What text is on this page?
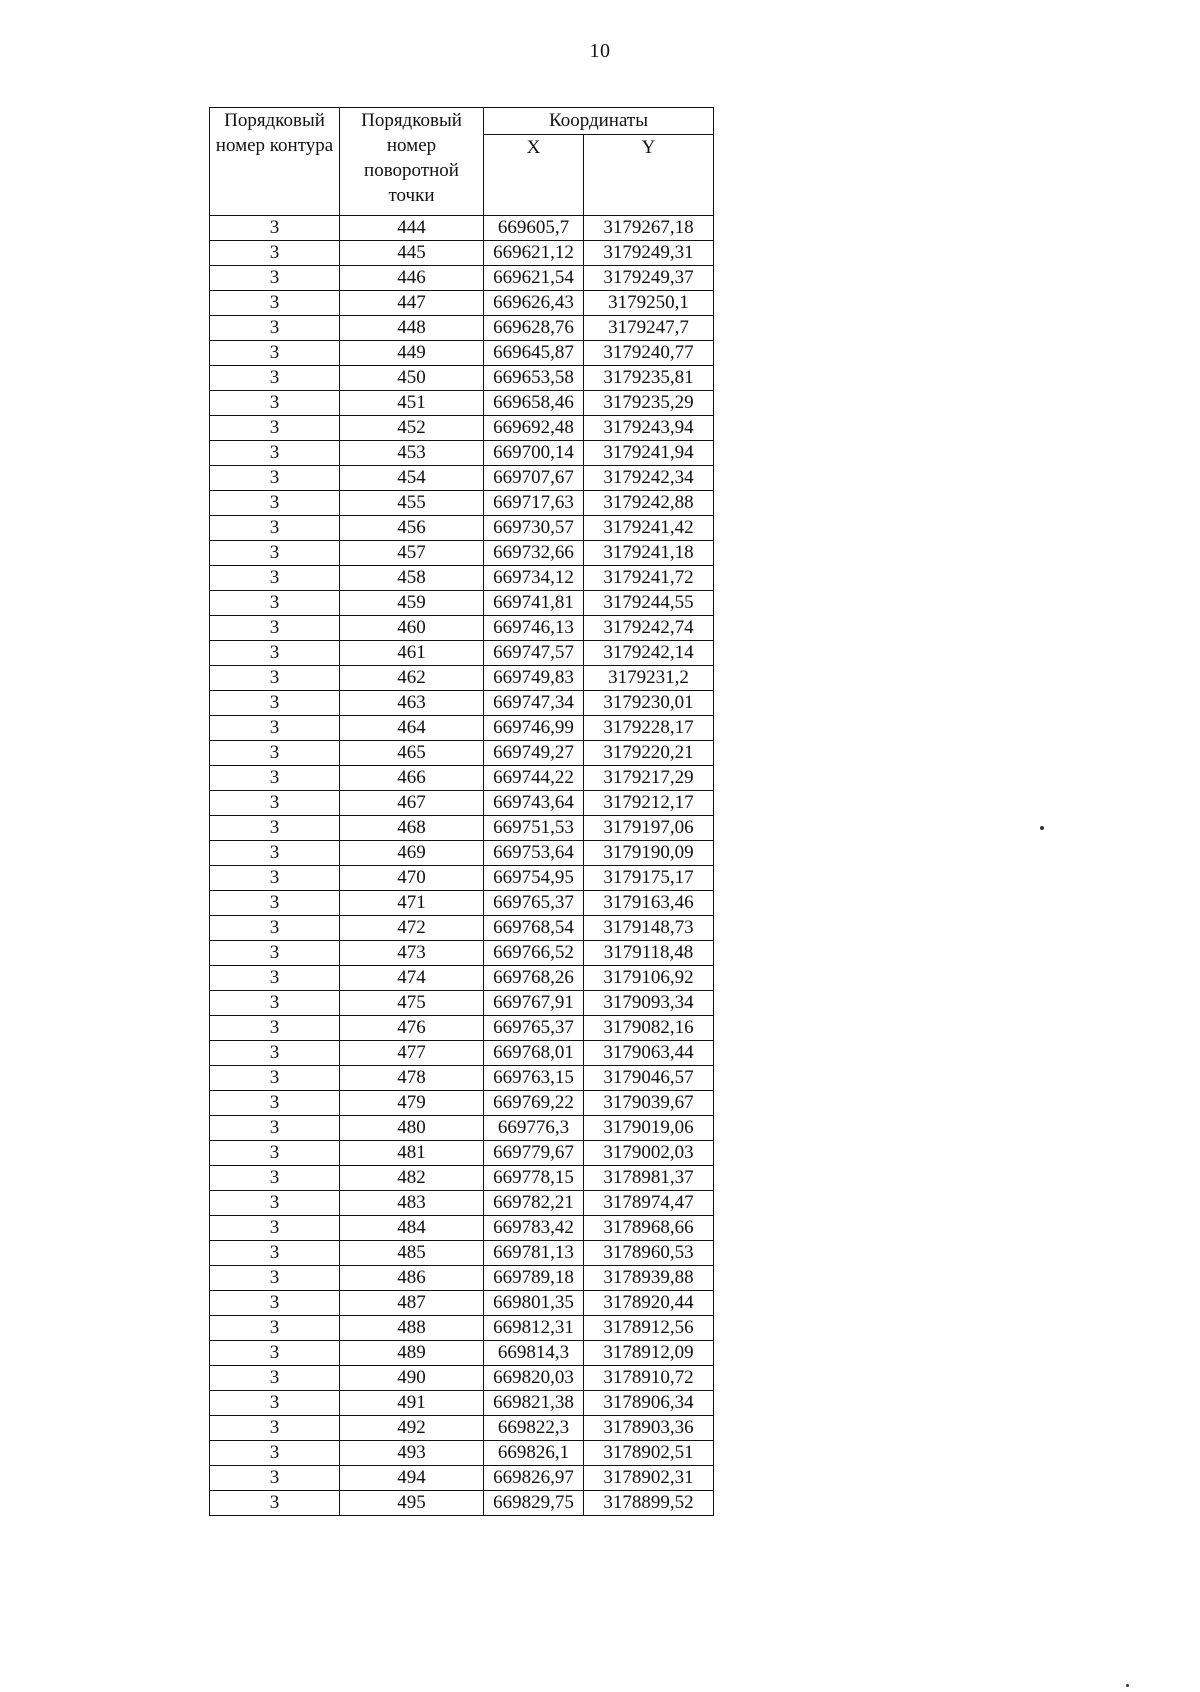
10
Порядковый номер контура	Порядковый номер поворотной точки	Координаты	
		X	Y
3	444	669605,7	3179267,18
3	445	669621,12	3179249,31
3	446	669621,54	3179249,37
3	447	669626,43	3179250,1
3	448	669628,76	3179247,7
3	449	669645,87	3179240,77
3	450	669653,58	3179235,81
3	451	669658,46	3179235,29
3	452	669692,48	3179243,94
3	453	669700,14	3179241,94
3	454	669707,67	3179242,34
3	455	669717,63	3179242,88
3	456	669730,57	3179241,42
3	457	669732,66	3179241,18
3	458	669734,12	3179241,72
3	459	669741,81	3179244,55
3	460	669746,13	3179242,74
3	461	669747,57	3179242,14
3	462	669749,83	3179231,2
3	463	669747,34	3179230,01
3	464	669746,99	3179228,17
3	465	669749,27	3179220,21
3	466	669744,22	3179217,29
3	467	669743,64	3179212,17
3	468	669751,53	3179197,06
3	469	669753,64	3179190,09
3	470	669754,95	3179175,17
3	471	669765,37	3179163,46
3	472	669768,54	3179148,73
3	473	669766,52	3179118,48
3	474	669768,26	3179106,92
3	475	669767,91	3179093,34
3	476	669765,37	3179082,16
3	477	669768,01	3179063,44
3	478	669763,15	3179046,57
3	479	669769,22	3179039,67
3	480	669776,3	3179019,06
3	481	669779,67	3179002,03
3	482	669778,15	3178981,37
3	483	669782,21	3178974,47
3	484	669783,42	3178968,66
3	485	669781,13	3178960,53
3	486	669789,18	3178939,88
3	487	669801,35	3178920,44
3	488	669812,31	3178912,56
3	489	669814,3	3178912,09
3	490	669820,03	3178910,72
3	491	669821,38	3178906,34
3	492	669822,3	3178903,36
3	493	669826,1	3178902,51
3	494	669826,97	3178902,31
3	495	669829,75	3178899,52
